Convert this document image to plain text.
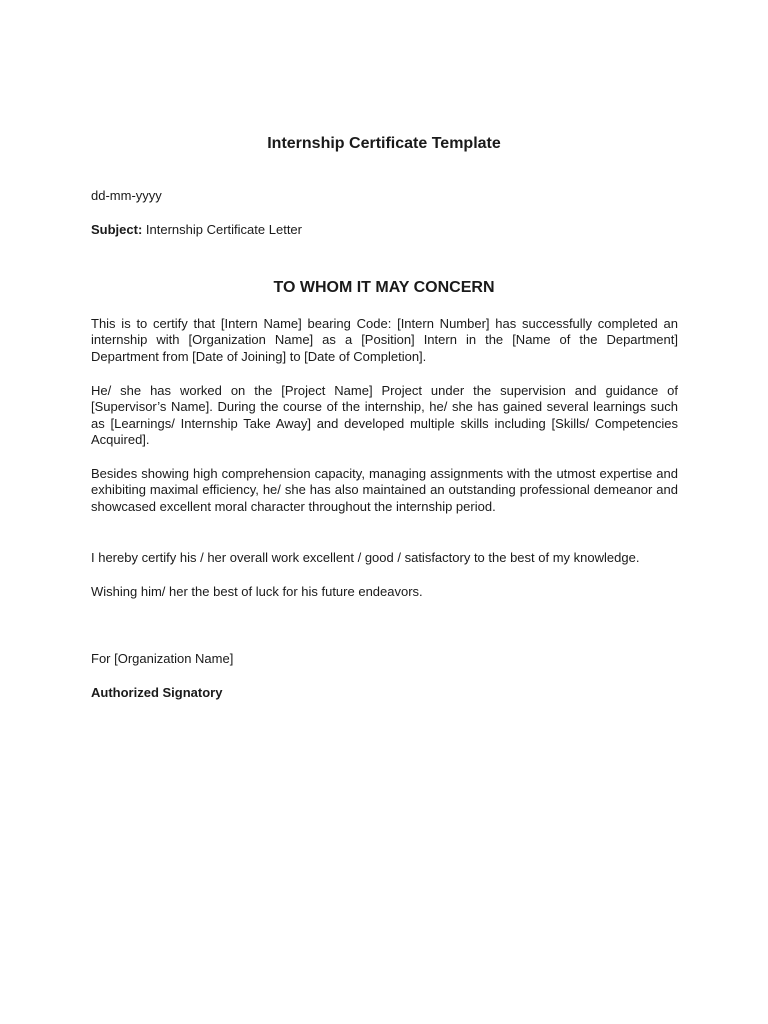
Internship Certificate Template

dd-mm-yyyy

Subject: Internship Certificate Letter

TO WHOM IT MAY CONCERN

This is to certify that [Intern Name] bearing Code: [Intern Number] has successfully completed an internship with [Organization Name] as a [Position] Intern in the [Name of the Department] Department from [Date of Joining] to [Date of Completion].

He/ she has worked on the [Project Name] Project under the supervision and guidance of [Supervisor’s Name]. During the course of the internship, he/ she has gained several learnings such as [Learnings/ Internship Take Away] and developed multiple skills including [Skills/ Competencies Acquired].

Besides showing high comprehension capacity, managing assignments with the utmost expertise and exhibiting maximal efficiency, he/ she has also maintained an outstanding professional demeanor and showcased excellent moral character throughout the internship period.

I hereby certify his / her overall work excellent / good / satisfactory to the best of my knowledge.

Wishing him/ her the best of luck for his future endeavors.

For [Organization Name]

Authorized Signatory
